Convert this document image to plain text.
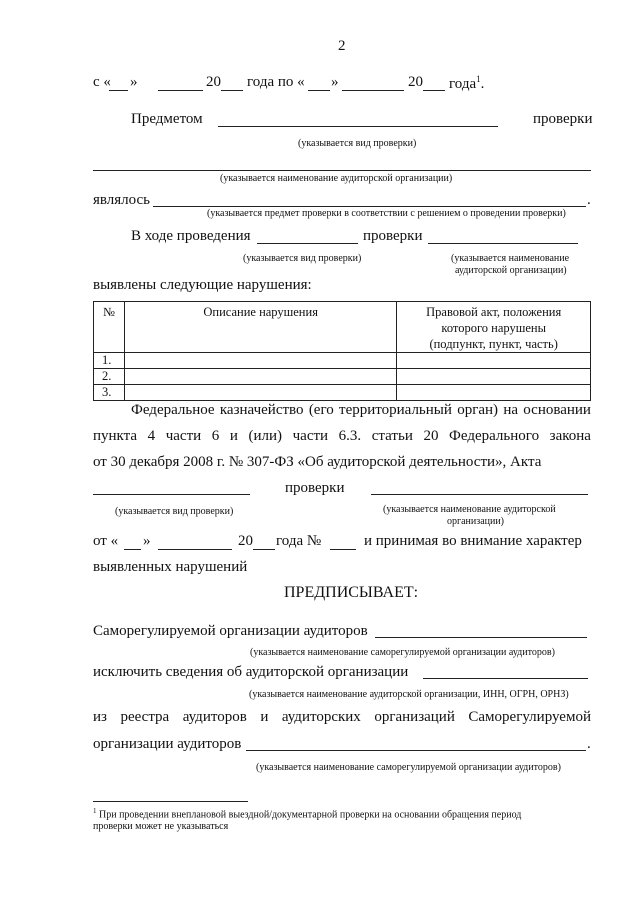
2
с « »	20 года по « »	20 года$^1$.
Предметом	проверки
(указывается вид проверки)
(указывается наименование аудиторской организации)
являлось	.
(указывается предмет проверки в соответствии с решением о проведении проверки)
В ходе проведения	проверки
(указывается вид проверки)	(указывается наименование
аудиторской организации)
выявлены следующие нарушения:
№	Описание нарушения	Правовой акт, положения
которого нарушены
(подпункт, пункт, часть)

1.		
2.		
3.		
Федеральное казначейство (его территориальный орган) на основании
пункта 4 части 6 и (или) части 6.3. статьи 20 Федерального закона
от 30 декабря 2008 г. № 307-ФЗ «Об аудиторской деятельности», Акта
проверки
(указывается вид проверки)	(указывается наименование аудиторской
организации)
от « »	20 года №	и принимая во внимание характер
выявленных нарушений
ПРЕДПИСЫВАЕТ:
Саморегулируемой организации аудиторов
(указывается наименование саморегулируемой организации аудиторов)
исключить сведения об аудиторской организации
(указывается наименование аудиторской организации, ИНН, ОГРН, ОРНЗ)
из реестра аудиторов и аудиторских организаций Саморегулируемой
организации аудиторов	.
(указывается наименование саморегулируемой организации аудиторов)
$^1$ При проведении внеплановой выездной/документарной проверки на основании обращения период
проверки может не указываться
